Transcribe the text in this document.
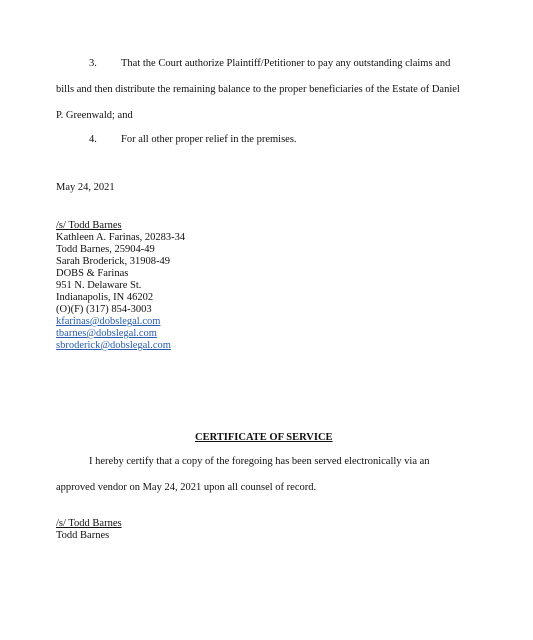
3. That the Court authorize Plaintiff/Petitioner to pay any outstanding claims and
bills and then distribute the remaining balance to the proper beneficiaries of the Estate of Daniel
P. Greenwald; and
4. For all other proper relief in the premises.
May 24, 2021
/s/ Todd Barnes
Kathleen A. Farinas, 20283-34
Todd Barnes, 25904-49
Sarah Broderick, 31908-49
DOBS & Farinas
951 N. Delaware St.
Indianapolis, IN 46202
(O)(F) (317) 854-3003
kfarinas@dobslegal.com
tbarnes@dobslegal.com
sbroderick@dobslegal.com
CERTIFICATE OF SERVICE
I hereby certify that a copy of the foregoing has been served electronically via an
approved vendor on May 24, 2021 upon all counsel of record.
/s/ Todd Barnes
Todd Barnes
